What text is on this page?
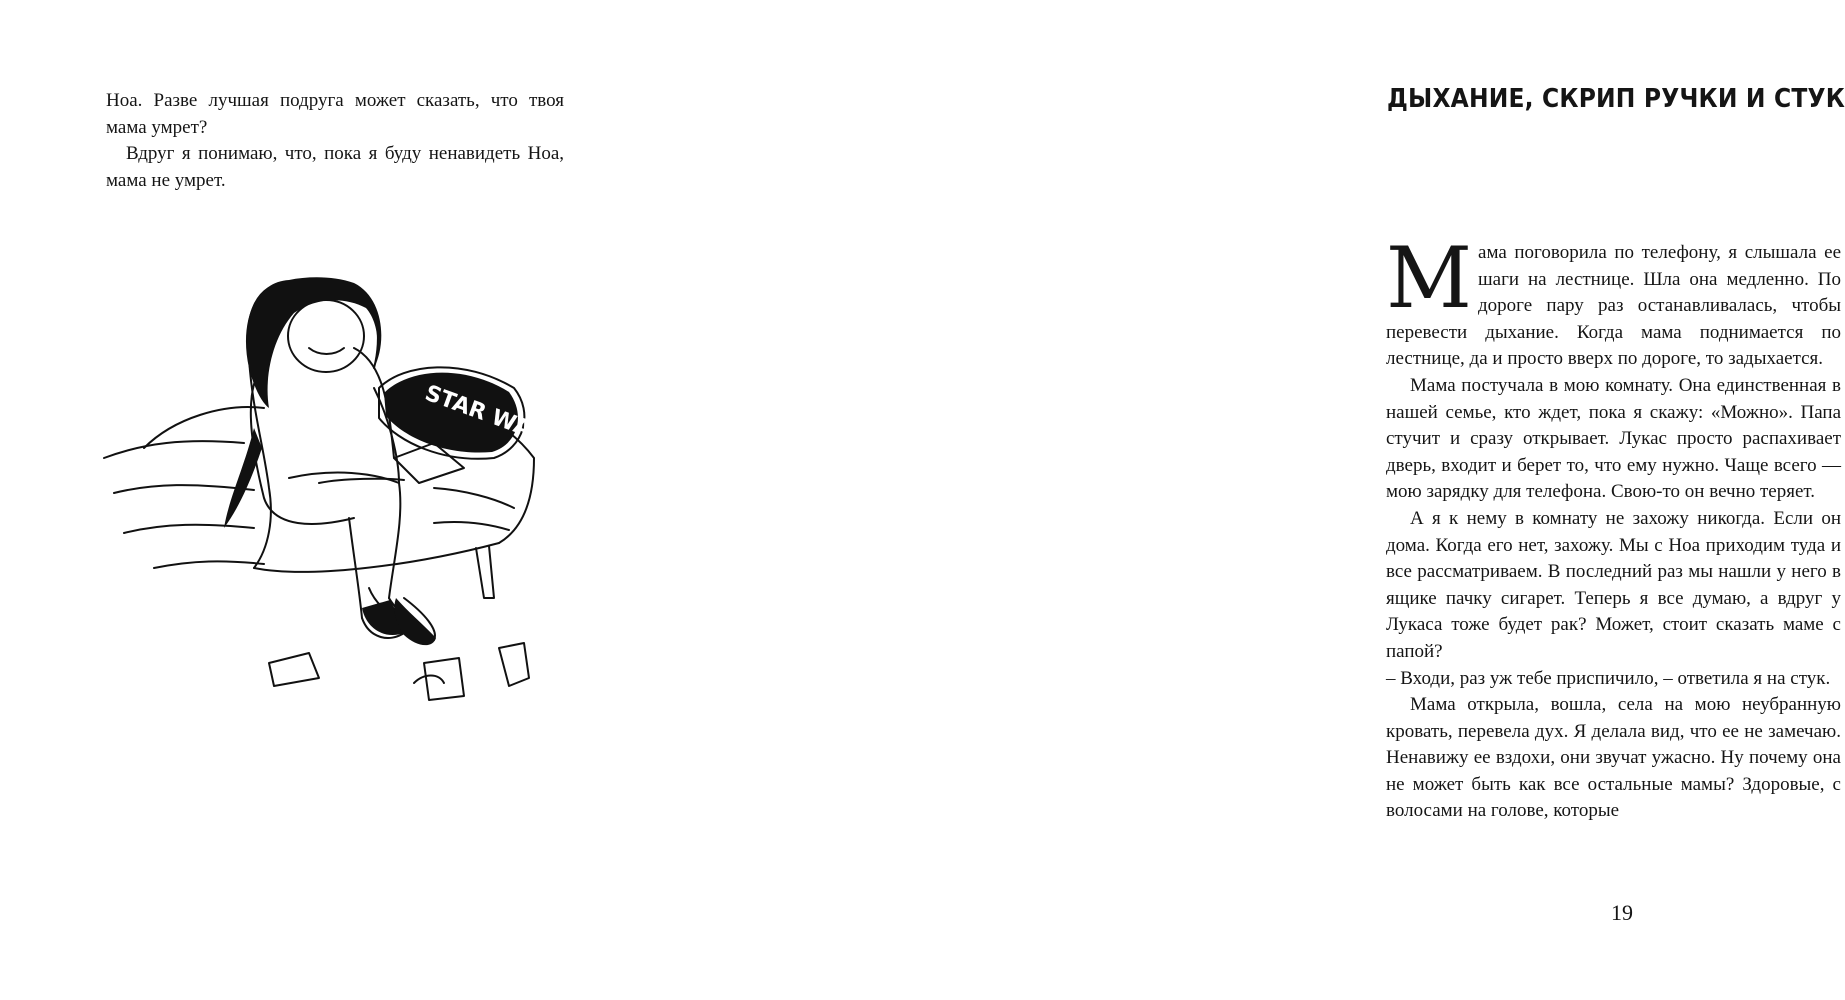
Ноа. Разве лучшая подруга может сказать, что твоя мама умрет?

Вдруг я понимаю, что, пока я буду ненавидеть Ноа, мама не умрет.

STAR WARS
ДЫХАНИЕ, СКРИП РУЧКИ И СТУК

Мама поговорила по телефону, я слышала ее шаги на лестнице. Шла она медленно. По дороге пару раз останавливалась, чтобы перевести дыхание. Когда мама поднимается по лестнице, да и просто вверх по дороге, то задыхается.

Мама постучала в мою комнату. Она единственная в нашей семье, кто ждет, пока я скажу: «Можно». Папа стучит и сразу открывает. Лукас просто распахивает дверь, входит и берет то, что ему нужно. Чаще всего — мою зарядку для телефона. Свою-то он вечно теряет.

А я к нему в комнату не захожу никогда. Если он дома. Когда его нет, захожу. Мы с Ноа приходим туда и все рассматриваем. В последний раз мы нашли у него в ящике пачку сигарет. Теперь я все думаю, а вдруг у Лукаса тоже будет рак? Может, стоит сказать маме с папой?

– Входи, раз уж тебе приспичило, – ответила я на стук.

Мама открыла, вошла, села на мою неубранную кровать, перевела дух. Я делала вид, что ее не замечаю. Ненавижу ее вздохи, они звучат ужасно. Ну почему она не может быть как все остальные мамы? Здоровые, с волосами на голове, которые

19
